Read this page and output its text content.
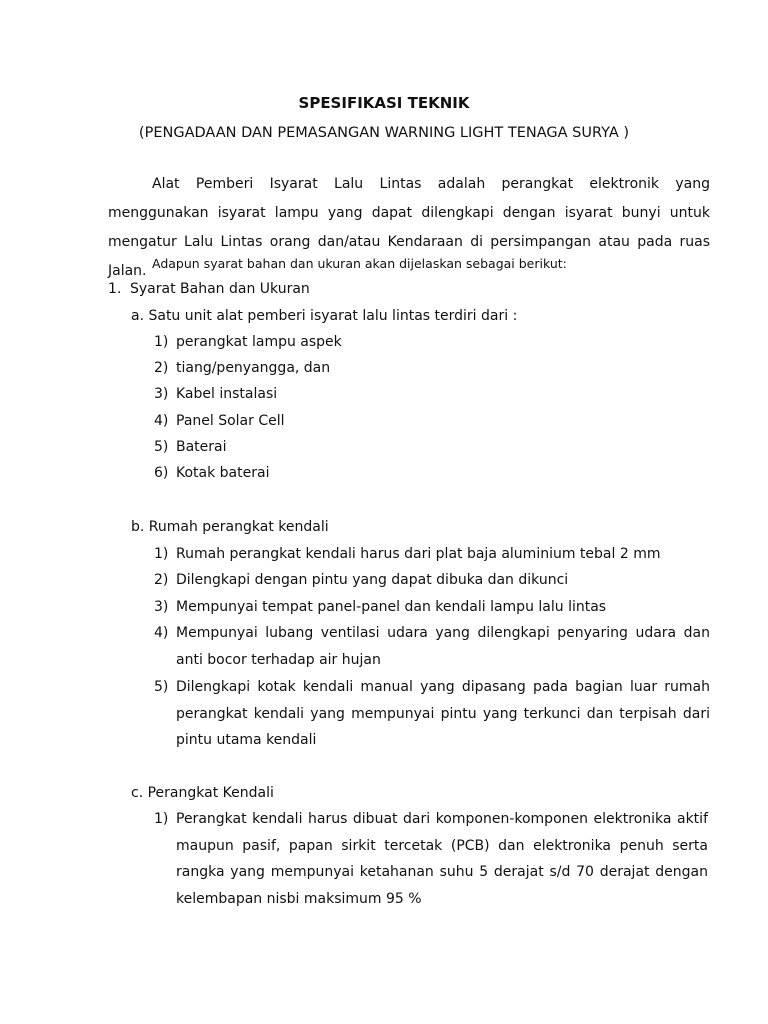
SPESIFIKASI TEKNIK
(PENGADAAN DAN PEMASANGAN WARNING LIGHT TENAGA SURYA )

Alat Pemberi Isyarat Lalu Lintas adalah perangkat elektronik yang menggunakan isyarat lampu yang dapat dilengkapi dengan isyarat bunyi untuk mengatur Lalu Lintas orang dan/atau Kendaraan di persimpangan atau pada ruas Jalan. Adapun syarat bahan dan ukuran akan dijelaskan sebagai berikut:

1. Syarat Bahan dan Ukuran
a. Satu unit alat pemberi isyarat lalu lintas terdiri dari :
1) perangkat lampu aspek
2) tiang/penyangga, dan
3) Kabel instalasi
4) Panel Solar Cell
5) Baterai
6) Kotak baterai
b. Rumah perangkat kendali
1) Rumah perangkat kendali harus dari plat baja aluminium tebal 2 mm
2) Dilengkapi dengan pintu yang dapat dibuka dan dikunci
3) Mempunyai tempat panel-panel dan kendali lampu lalu lintas
4) Mempunyai lubang ventilasi udara yang dilengkapi penyaring udara dan anti bocor terhadap air hujan

5) Dilengkapi kotak kendali manual yang dipasang pada bagian luar rumah perangkat kendali yang mempunyai pintu yang terkunci dan terpisah dari pintu utama kendali

c. Perangkat Kendali
1) Perangkat kendali harus dibuat dari komponen-komponen elektronika aktif maupun pasif, papan sirkit tercetak (PCB) dan elektronika penuh serta rangka yang mempunyai ketahanan suhu 5 derajat s/d 70 derajat dengan kelembapan nisbi maksimum 95 %
